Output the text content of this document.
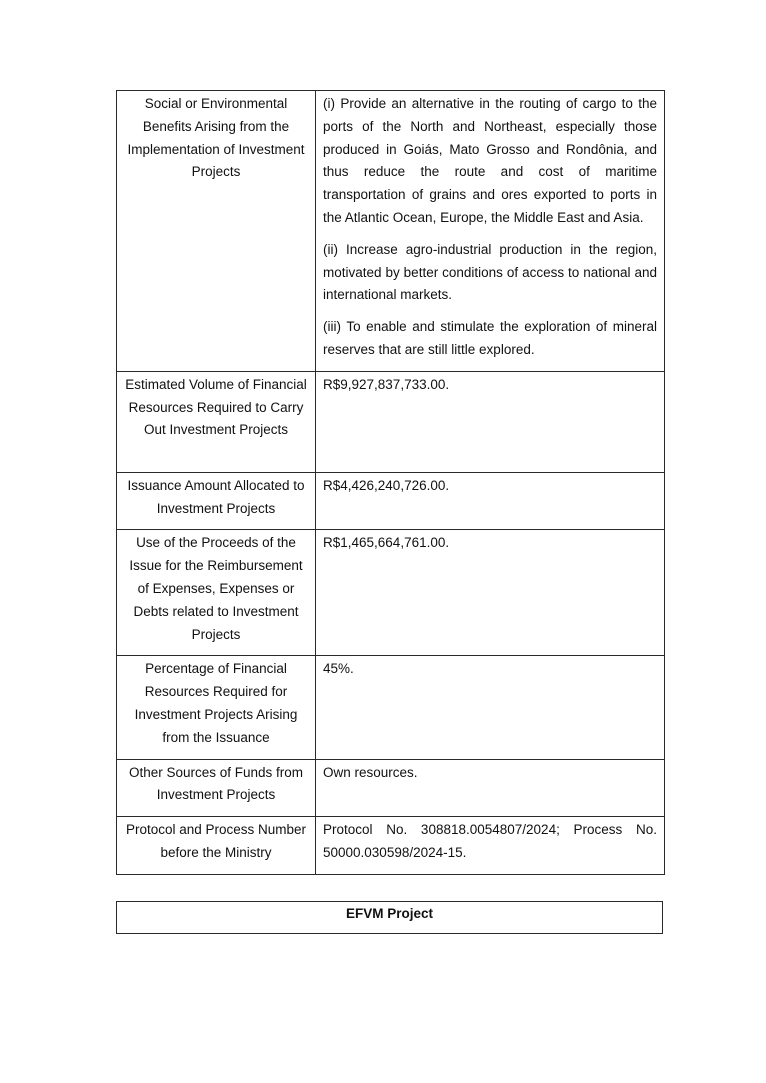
Social or Environmental Benefits Arising from the Implementation of Investment Projects	(i) Provide an alternative in the routing of cargo to the ports of the North and Northeast, especially those produced in Goiás, Mato Grosso and Rondônia, and thus reduce the route and cost of maritime transportation of grains and ores exported to ports in the Atlantic Ocean, Europe, the Middle East and Asia.

(ii) Increase agro-industrial production in the region, motivated by better conditions of access to national and international markets.

(iii) To enable and stimulate the exploration of mineral reserves that are still little explored.

Estimated Volume of Financial Resources Required to Carry Out Investment Projects	R$9,927,837,733.00.
Issuance Amount Allocated to Investment Projects	R$4,426,240,726.00.
Use of the Proceeds of the Issue for the Reimbursement of Expenses, Expenses or Debts related to Investment Projects	R$1,465,664,761.00.
Percentage of Financial Resources Required for Investment Projects Arising from the Issuance	45%.
Other Sources of Funds from Investment Projects	Own resources.
Protocol and Process Number before the Ministry	Protocol No. 308818.0054807/2024; Process No. 50000.030598/2024-15.
EFVM Project
